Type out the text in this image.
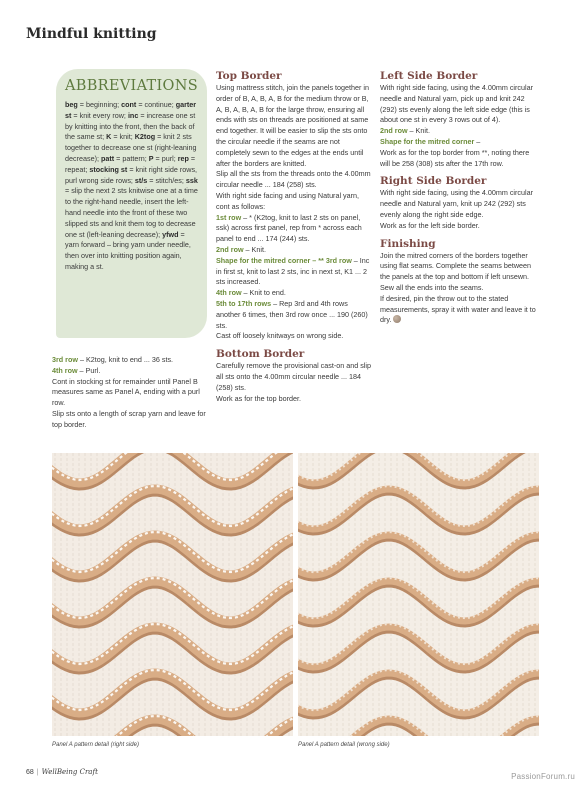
Mindful knitting
ABBREVIATIONS
beg = beginning; cont = continue; garter st = knit every row; inc = increase one st by knitting into the front, then the back of the same st; K = knit; K2tog = knit 2 sts together to decrease one st (right-leaning decrease); patt = pattern; P = purl; rep = repeat; stocking st = knit right side rows, purl wrong side rows; st/s = stitch/es; ssk = slip the next 2 sts knitwise one at a time to the right-hand needle, insert the left-hand needle into the front of these two slipped sts and knit them tog to decrease one st (left-leaning decrease); yfwd = yarn forward – bring yarn under needle, then over into knitting position again, making a st.

3rd row – K2tog, knit to end ... 36 sts.

4th row – Purl.

Cont in stocking st for remainder until Panel B measures same as Panel A, ending with a purl row.

Slip sts onto a length of scrap yarn and leave for top border.

Top Border

Using mattress stitch, join the panels together in order of B, A, B, A, B for the medium throw or B, A, B, A, B, A, B for the large throw, ensuring all ends with sts on threads are positioned at same end together. It will be easier to slip the sts onto the circular needle if the seams are not completely sewn to the edges at the ends until after the borders are knitted.

Slip all the sts from the threads onto the 4.00mm circular needle ... 184 (258) sts.

With right side facing and using Natural yarn, cont as follows:

1st row – * (K2tog, knit to last 2 sts on panel, ssk) across first panel, rep from * across each panel to end ... 174 (244) sts.

2nd row – Knit.

Shape for the mitred corner – ** 3rd row – Inc in first st, knit to last 2 sts, inc in next st, K1 ... 2 sts increased.

4th row – Knit to end.

5th to 17th rows – Rep 3rd and 4th rows another 6 times, then 3rd row once ... 190 (260) sts.

Cast off loosely knitways on wrong side.

Bottom Border

Carefully remove the provisional cast-on and slip all sts onto the 4.00mm circular needle ... 184 (258) sts.

Work as for the top border.

Left Side Border

With right side facing, using the 4.00mm circular needle and Natural yarn, pick up and knit 242 (292) sts evenly along the left side edge (this is about one st in every 3 rows out of 4).

2nd row – Knit.

Shape for the mitred corner –

Work as for the top border from **, noting there will be 258 (308) sts after the 17th row.

Right Side Border

With right side facing, using the 4.00mm circular needle and Natural yarn, knit up 242 (292) sts evenly along the right side edge.

Work as for the left side border.

Finishing

Join the mitred corners of the borders together using flat seams. Complete the seams between the panels at the top and bottom if left unsewn. Sew all the ends into the seams.

If desired, pin the throw out to the stated measurements, spray it with water and leave it to dry.

Panel A pattern detail (right side)	Panel A pattern detail (wrong side)
68 | WellBeing Craft	PassionForum.ru
